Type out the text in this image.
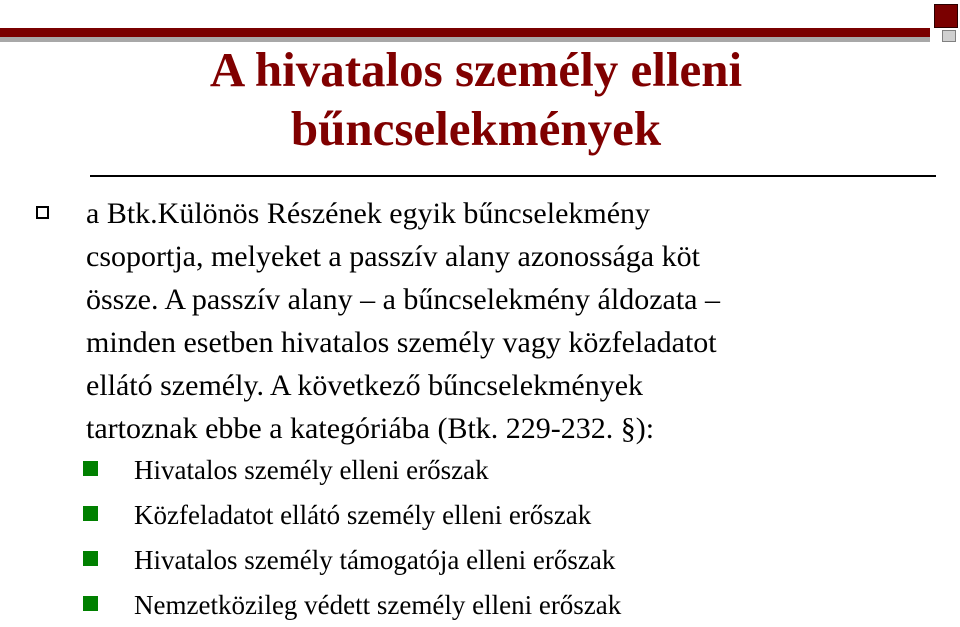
A hivatalos személy elleni
bűncselekmények
a Btk.Különös Részének egyik bűncselekmény
csoportja, melyeket a passzív alany azonossága köt
össze. A passzív alany – a bűncselekmény áldozata –
minden esetben hivatalos személy vagy közfeladatot
ellátó személy. A következő bűncselekmények
tartoznak ebbe a kategóriába (Btk. 229-232. §):
Hivatalos személy elleni erőszak
Közfeladatot ellátó személy elleni erőszak
Hivatalos személy támogatója elleni erőszak
Nemzetközileg védett személy elleni erőszak
